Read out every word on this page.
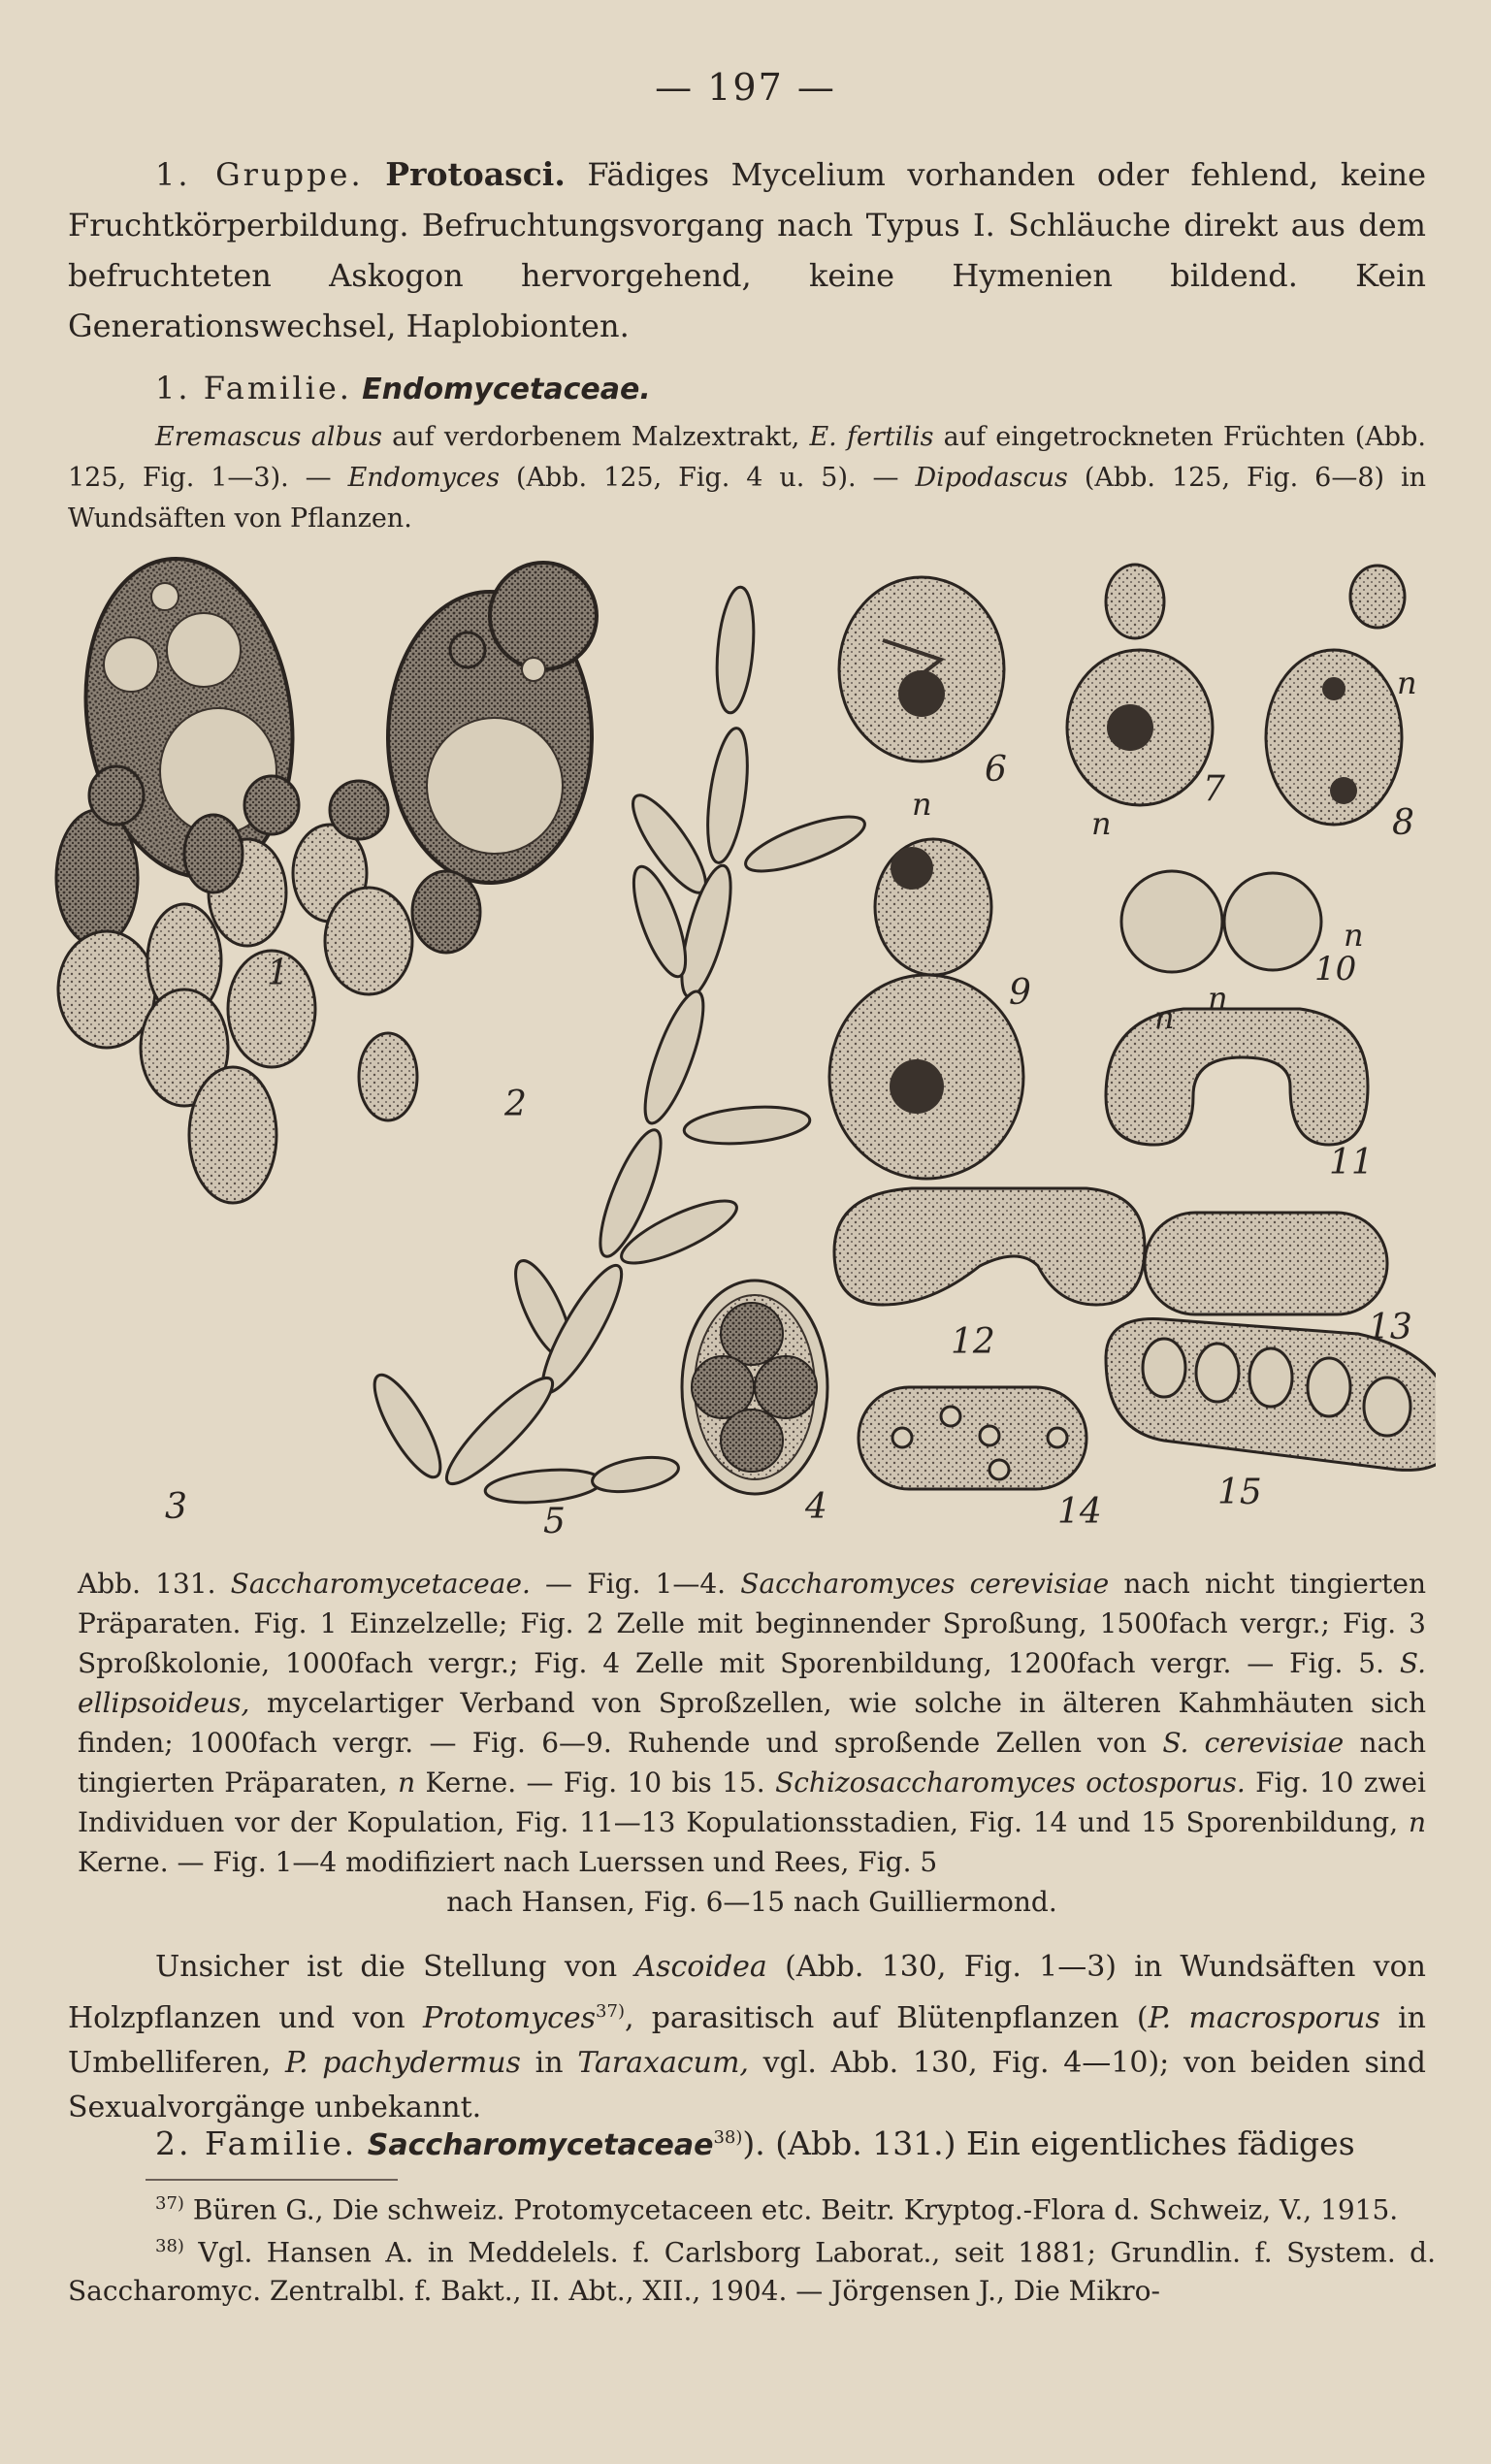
— 197 —
1. Gruppe. Protoasci. Fädiges Mycelium vorhanden oder fehlend, keine Fruchtkörperbildung. Befruchtungsvorgang nach Typus I. Schläuche direkt aus dem befruchteten Askogon hervorgehend, keine Hymenien bildend. Kein Generationswechsel, Haplobionten.
1. Familie. Endomycetaceae.
Eremascus albus auf verdorbenem Malzextrakt, E. fertilis auf eingetrockneten Früchten (Abb. 125, Fig. 1—3). — Endomyces (Abb. 125, Fig. 4 u. 5). — Dipodascus (Abb. 125, Fig. 6—8) in Wundsäften von Pflanzen.
1
2
3	4
5
6	7
8
9
10
11
12	13
14	15
n
n
n
n
n
n
Abb. 131. Saccharomycetaceae. — Fig. 1—4. Saccharomyces cerevisiae nach nicht tingierten Präparaten. Fig. 1 Einzelzelle; Fig. 2 Zelle mit beginnender Sproßung, 1500fach vergr.; Fig. 3 Sproßkolonie, 1000fach vergr.; Fig. 4 Zelle mit Sporenbildung, 1200fach vergr. — Fig. 5. S. ellipsoideus, mycelartiger Verband von Sproßzellen, wie solche in älteren Kahmhäuten sich finden; 1000fach vergr. — Fig. 6—9. Ruhende und sproßende Zellen von S. cerevisiae nach tingierten Präparaten, n Kerne. — Fig. 10 bis 15. Schizosaccharomyces octosporus. Fig. 10 zwei Individuen vor der Kopulation, Fig. 11—13 Kopulationsstadien, Fig. 14 und 15 Sporenbildung, n Kerne. — Fig. 1—4 modifiziert nach Luerssen und Rees, Fig. 5
nach Hansen, Fig. 6—15 nach Guilliermond.
Unsicher ist die Stellung von Ascoidea (Abb. 130, Fig. 1—3) in Wundsäften von Holzpflanzen und von Protomyces$^{37)}$, parasitisch auf Blütenpflanzen (P. macrosporus in Umbelliferen, P. pachydermus in Taraxacum, vgl. Abb. 130, Fig. 4—10); von beiden sind Sexualvorgänge unbekannt.
2. Familie. Saccharomycetaceae$^{38)}$). (Abb. 131.) Ein eigentliches fädiges
$^{37)}$ Büren G., Die schweiz. Protomycetaceen etc. Beitr. Kryptog.-Flora d. Schweiz, V., 1915.
$^{38)}$ Vgl. Hansen A. in Meddelels. f. Carlsborg Laborat., seit 1881; Grundlin. f. System. d. Saccharomyc. Zentralbl. f. Bakt., II. Abt., XII., 1904. — Jörgensen J., Die Mikro-
